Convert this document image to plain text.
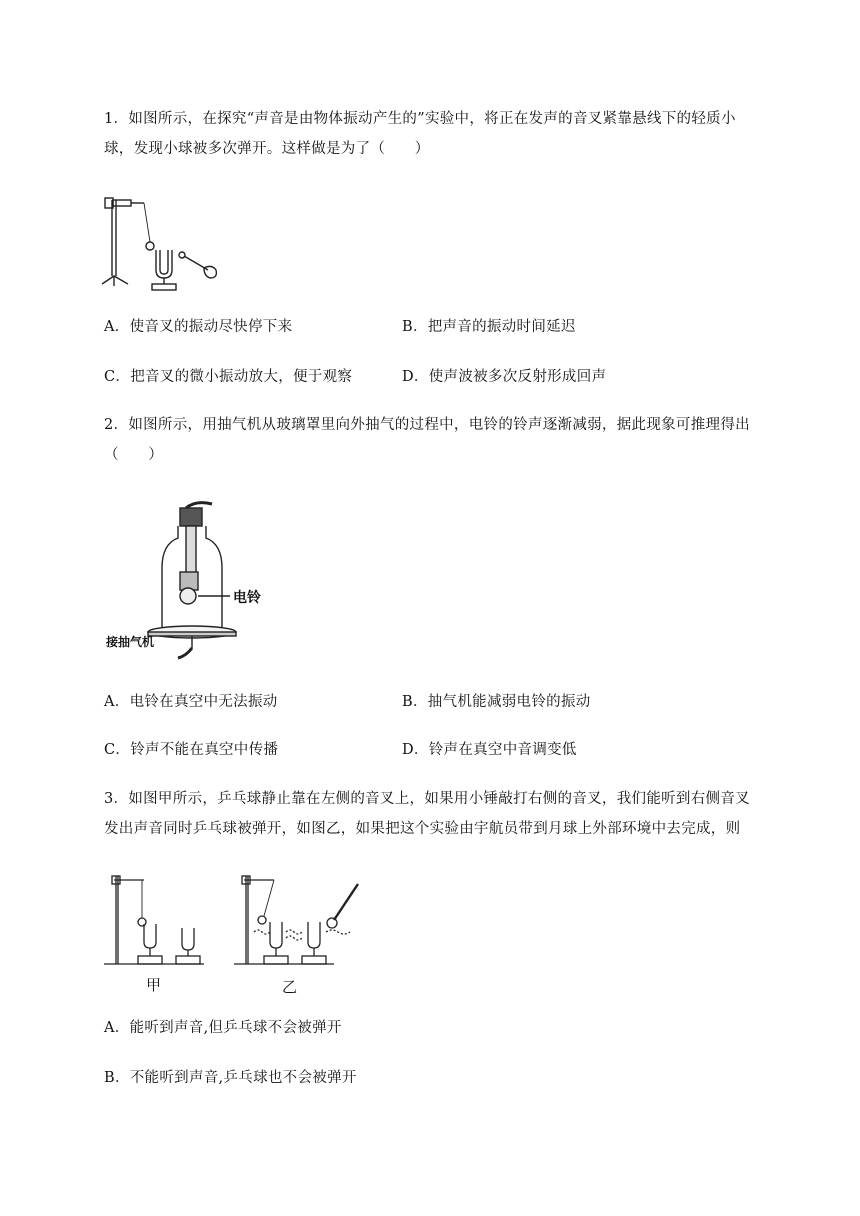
1．如图所示，在探究“声音是由物体振动产生的”实验中，将正在发声的音叉紧靠悬线下的轻质小球，发现小球被多次弹开。这样做是为了（　　）
A．使音叉的振动尽快停下来	B．把声音的振动时间延迟
C．把音叉的微小振动放大，便于观察	D．使声波被多次反射形成回声
2．如图所示，用抽气机从玻璃罩里向外抽气的过程中，电铃的铃声逐渐减弱，据此现象可推理得出（　　）
电铃
接抽气机
A．电铃在真空中无法振动	B．抽气机能减弱电铃的振动
C．铃声不能在真空中传播	D．铃声在真空中音调变低
3．如图甲所示，乒乓球静止靠在左侧的音叉上，如果用小锤敲打右侧的音叉，我们能听到右侧音叉发出声音同时乒乓球被弹开，如图乙，如果把这个实验由宇航员带到月球上外部环境中去完成，则
甲	乙
A．能听到声音,但乒乓球不会被弹开
B．不能听到声音,乒乓球也不会被弹开
